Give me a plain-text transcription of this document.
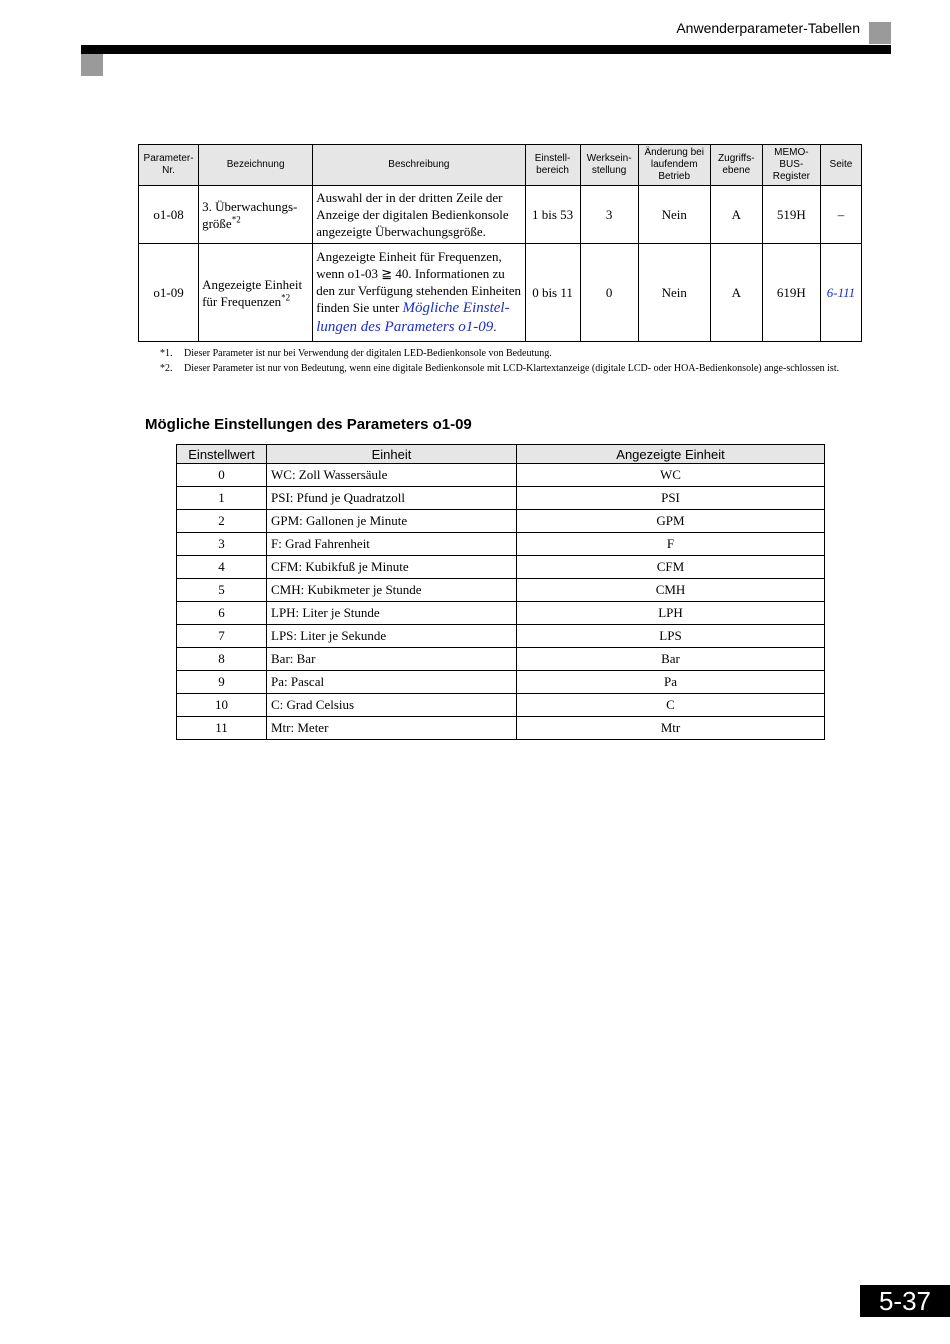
Anwenderparameter-Tabellen
Parameter-
Nr.	Bezeichnung	Beschreibung	Einstell-
bereich	Werksein-
stellung	Änderung bei
laufendem
Betrieb	Zugriffs-
ebene	MEMO-
BUS-
Register	Seite
o1-08	3. Überwachungs-
größe$^{*2}$	Auswahl der in der dritten Zeile der Anzeige der digitalen Bedienkonsole angezeigte Überwachungsgröße.	1 bis 53	3	Nein	A	519H	–
o1-09	Angezeigte Einheit für Frequenzen$^{*2}$	Angezeigte Einheit für Frequenzen, wenn o1-03 ≧ 40. Informationen zu den zur Verfügung stehenden Einheiten finden Sie unter Mögliche Einstel-lungen des Parameters o1-09.	0 bis 11	0	Nein	A	619H	6-111
*1.	Dieser Parameter ist nur bei Verwendung der digitalen LED-Bedienkonsole von Bedeutung.
*2.	Dieser Parameter ist nur von Bedeutung, wenn eine digitale Bedienkonsole mit LCD-Klartextanzeige (digitale LCD- oder HOA-Bedienkonsole) ange-schlossen ist.
Mögliche Einstellungen des Parameters o1-09
Einstellwert	Einheit	Angezeigte Einheit
0	WC: Zoll Wassersäule	WC
1	PSI: Pfund je Quadratzoll	PSI
2	GPM: Gallonen je Minute	GPM
3	F: Grad Fahrenheit	F
4	CFM: Kubikfuß je Minute	CFM
5	CMH: Kubikmeter je Stunde	CMH
6	LPH: Liter je Stunde	LPH
7	LPS: Liter je Sekunde	LPS
8	Bar: Bar	Bar
9	Pa: Pascal	Pa
10	C: Grad Celsius	C
11	Mtr: Meter	Mtr
5-37
